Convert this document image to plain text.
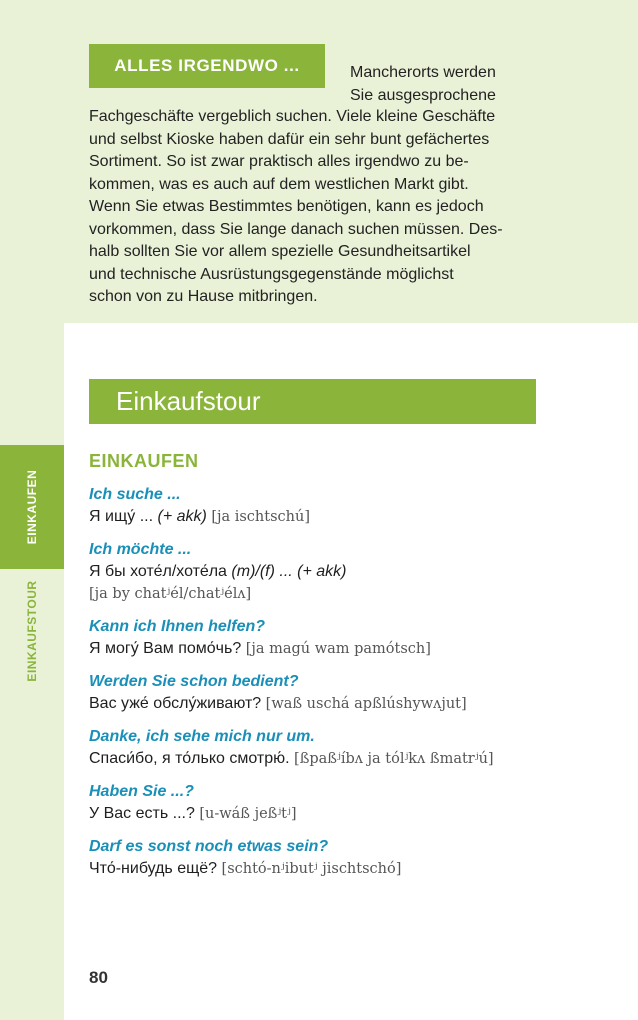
EINKAUFEN
EINKAUFSTOUR
ALLES IRGENDWO ...	Mancherorts werden
Sie ausgesprochene
Fachgeschäfte vergeblich suchen. Viele kleine Geschäfte
und selbst Kioske haben dafür ein sehr bunt gefächertes
Sortiment. So ist zwar praktisch alles irgendwo zu be-
kommen, was es auch auf dem westlichen Markt gibt.
Wenn Sie etwas Bestimmtes benötigen, kann es jedoch
vorkommen, dass Sie lange danach suchen müssen. Des-
halb sollten Sie vor allem spezielle Gesundheitsartikel
und technische Ausrüstungsgegenstände möglichst
schon von zu Hause mitbringen.
Einkaufstour
EINKAUFEN
Ich suche ...
Я ищу́ ... (+ akk) [ja ischtschú]
Ich möchte ...
Я бы хоте́л/хоте́ла (m)/(f) ... (+ akk)
[ja by chatʲél/chatʲélʌ]
Kann ich Ihnen helfen?
Я могу́ Вам помо́чь? [ja magú wam pamótsch]
Werden Sie schon bedient?
Вас уже́ обслу́живают? [waß uschá apßlúshywʌjut]
Danke, ich sehe mich nur um.
Спаси́бо, я то́лько смотрю́. [ßpaßʲíbʌ ja tólʲkʌ ßmatrʲú]
Haben Sie ...?
У Вас есть ...? [u-wáß jeßʲtʲ]
Darf es sonst noch etwas sein?
Что́-нибудь ещё? [schtó-nʲibutʲ jischtschó]
80
